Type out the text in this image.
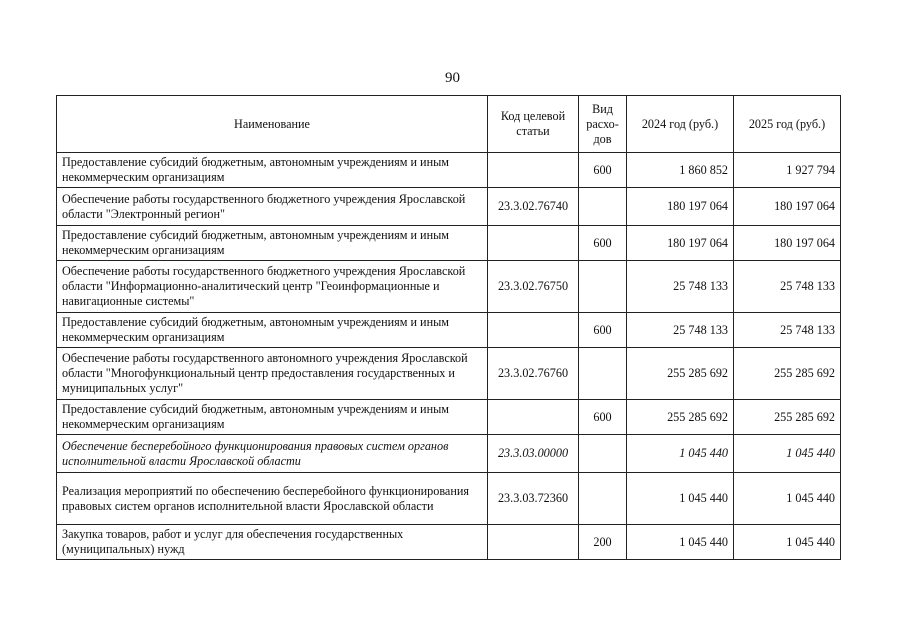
90
Наименование	Код целевой статьи	Вид расхо-дов	2024 год (руб.)	2025 год (руб.)
Предоставление субсидий бюджетным, автономным учреждениям и иным некоммерческим организациям		600	1 860 852	1 927 794
Обеспечение работы государственного бюджетного учреждения Ярославской области "Электронный регион"	23.3.02.76740		180 197 064	180 197 064
Предоставление субсидий бюджетным, автономным учреждениям и иным некоммерческим организациям		600	180 197 064	180 197 064
Обеспечение работы государственного бюджетного учреждения Ярославской области "Информационно-аналитический центр "Геоинформационные и навигационные системы"	23.3.02.76750		25 748 133	25 748 133
Предоставление субсидий бюджетным, автономным учреждениям и иным некоммерческим организациям		600	25 748 133	25 748 133
Обеспечение работы государственного автономного учреждения Ярославской области "Многофункциональный центр предоставления государственных и муниципальных услуг"	23.3.02.76760		255 285 692	255 285 692
Предоставление субсидий бюджетным, автономным учреждениям и иным некоммерческим организациям		600	255 285 692	255 285 692
Обеспечение бесперебойного функционирования правовых систем органов исполнительной власти Ярославской области	23.3.03.00000		1 045 440	1 045 440
Реализация мероприятий по обеспечению бесперебойного функционирования правовых систем органов исполнительной власти Ярославской области	23.3.03.72360		1 045 440	1 045 440
Закупка товаров, работ и услуг для обеспечения государственных (муниципальных) нужд		200	1 045 440	1 045 440
